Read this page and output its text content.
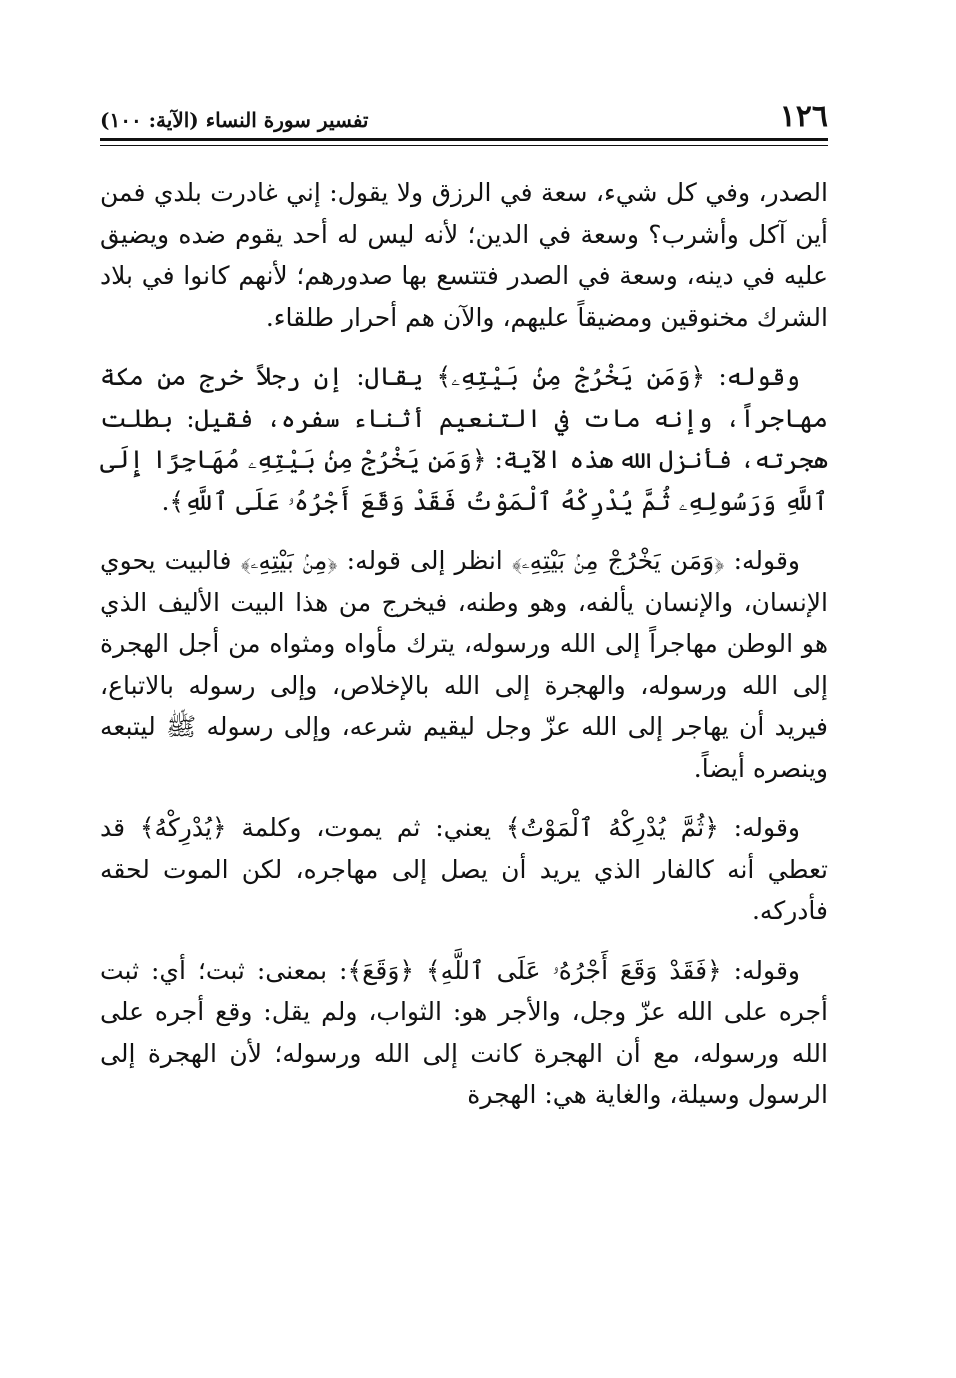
١٢٦
تفسير سورة النساء (الآية: ١٠٠)

الصدر، وفي كل شيء، سعة في الرزق ولا يقول: إني غادرت بلدي فمن أين آكل وأشرب؟ وسعة في الدين؛ لأنه ليس له أحد يقوم ضده ويضيق عليه في دينه، وسعة في الصدر فتتسع بها صدورهم؛ لأنهم كانوا في بلاد الشرك مخنوقين ومضيقاً عليهم، والآن هم أحرار طلقاء.

وقوله: ﴿وَمَن يَخْرُجْ مِنۢ بَيْتِهِۦ﴾ يقال: إن رجلاً خرج من مكة مهاجراً، وإنه مات في التنعيم أثناء سفره، فقيل: بطلت هجرته، فأنزل الله هذه الآية: ﴿وَمَن يَخْرُجْ مِنۢ بَيْتِهِۦ مُهَاجِرًا إِلَى ٱللَّهِ وَرَسُولِهِۦ ثُمَّ يُدْرِكْهُ ٱلْمَوْتُ فَقَدْ وَقَعَ أَجْرُهُۥ عَلَى ٱللَّهِ﴾.

وقوله: ﴿وَمَن يَخْرُجْ مِنۢ بَيْتِهِۦ﴾ انظر إلى قوله: ﴿مِنۢ بَيْتِهِۦ﴾ فالبيت يحوي الإنسان، والإنسان يألفه، وهو وطنه، فيخرج من هذا البيت الأليف الذي هو الوطن مهاجراً إلى الله ورسوله، يترك مأواه ومثواه من أجل الهجرة إلى الله ورسوله، والهجرة إلى الله بالإخلاص، وإلى رسوله بالاتباع، فيريد أن يهاجر إلى الله عزّ وجل ليقيم شرعه، وإلى رسوله ﷺ ليتبعه وينصره أيضاً.

وقوله: ﴿ثُمَّ يُدْرِكْهُ ٱلْمَوْتُ﴾ يعني: ثم يموت، وكلمة ﴿يُدْرِكْهُ﴾ قد تعطي أنه كالفار الذي يريد أن يصل إلى مهاجره، لكن الموت لحقه فأدركه.

وقوله: ﴿فَقَدْ وَقَعَ أَجْرُهُۥ عَلَى ٱللَّهِ﴾ ﴿وَقَعَ﴾: بمعنى: ثبت؛ أي: ثبت أجره على الله عزّ وجل، والأجر هو: الثواب، ولم يقل: وقع أجره على الله ورسوله، مع أن الهجرة كانت إلى الله ورسوله؛ لأن الهجرة إلى الرسول وسيلة، والغاية هي: الهجرة
